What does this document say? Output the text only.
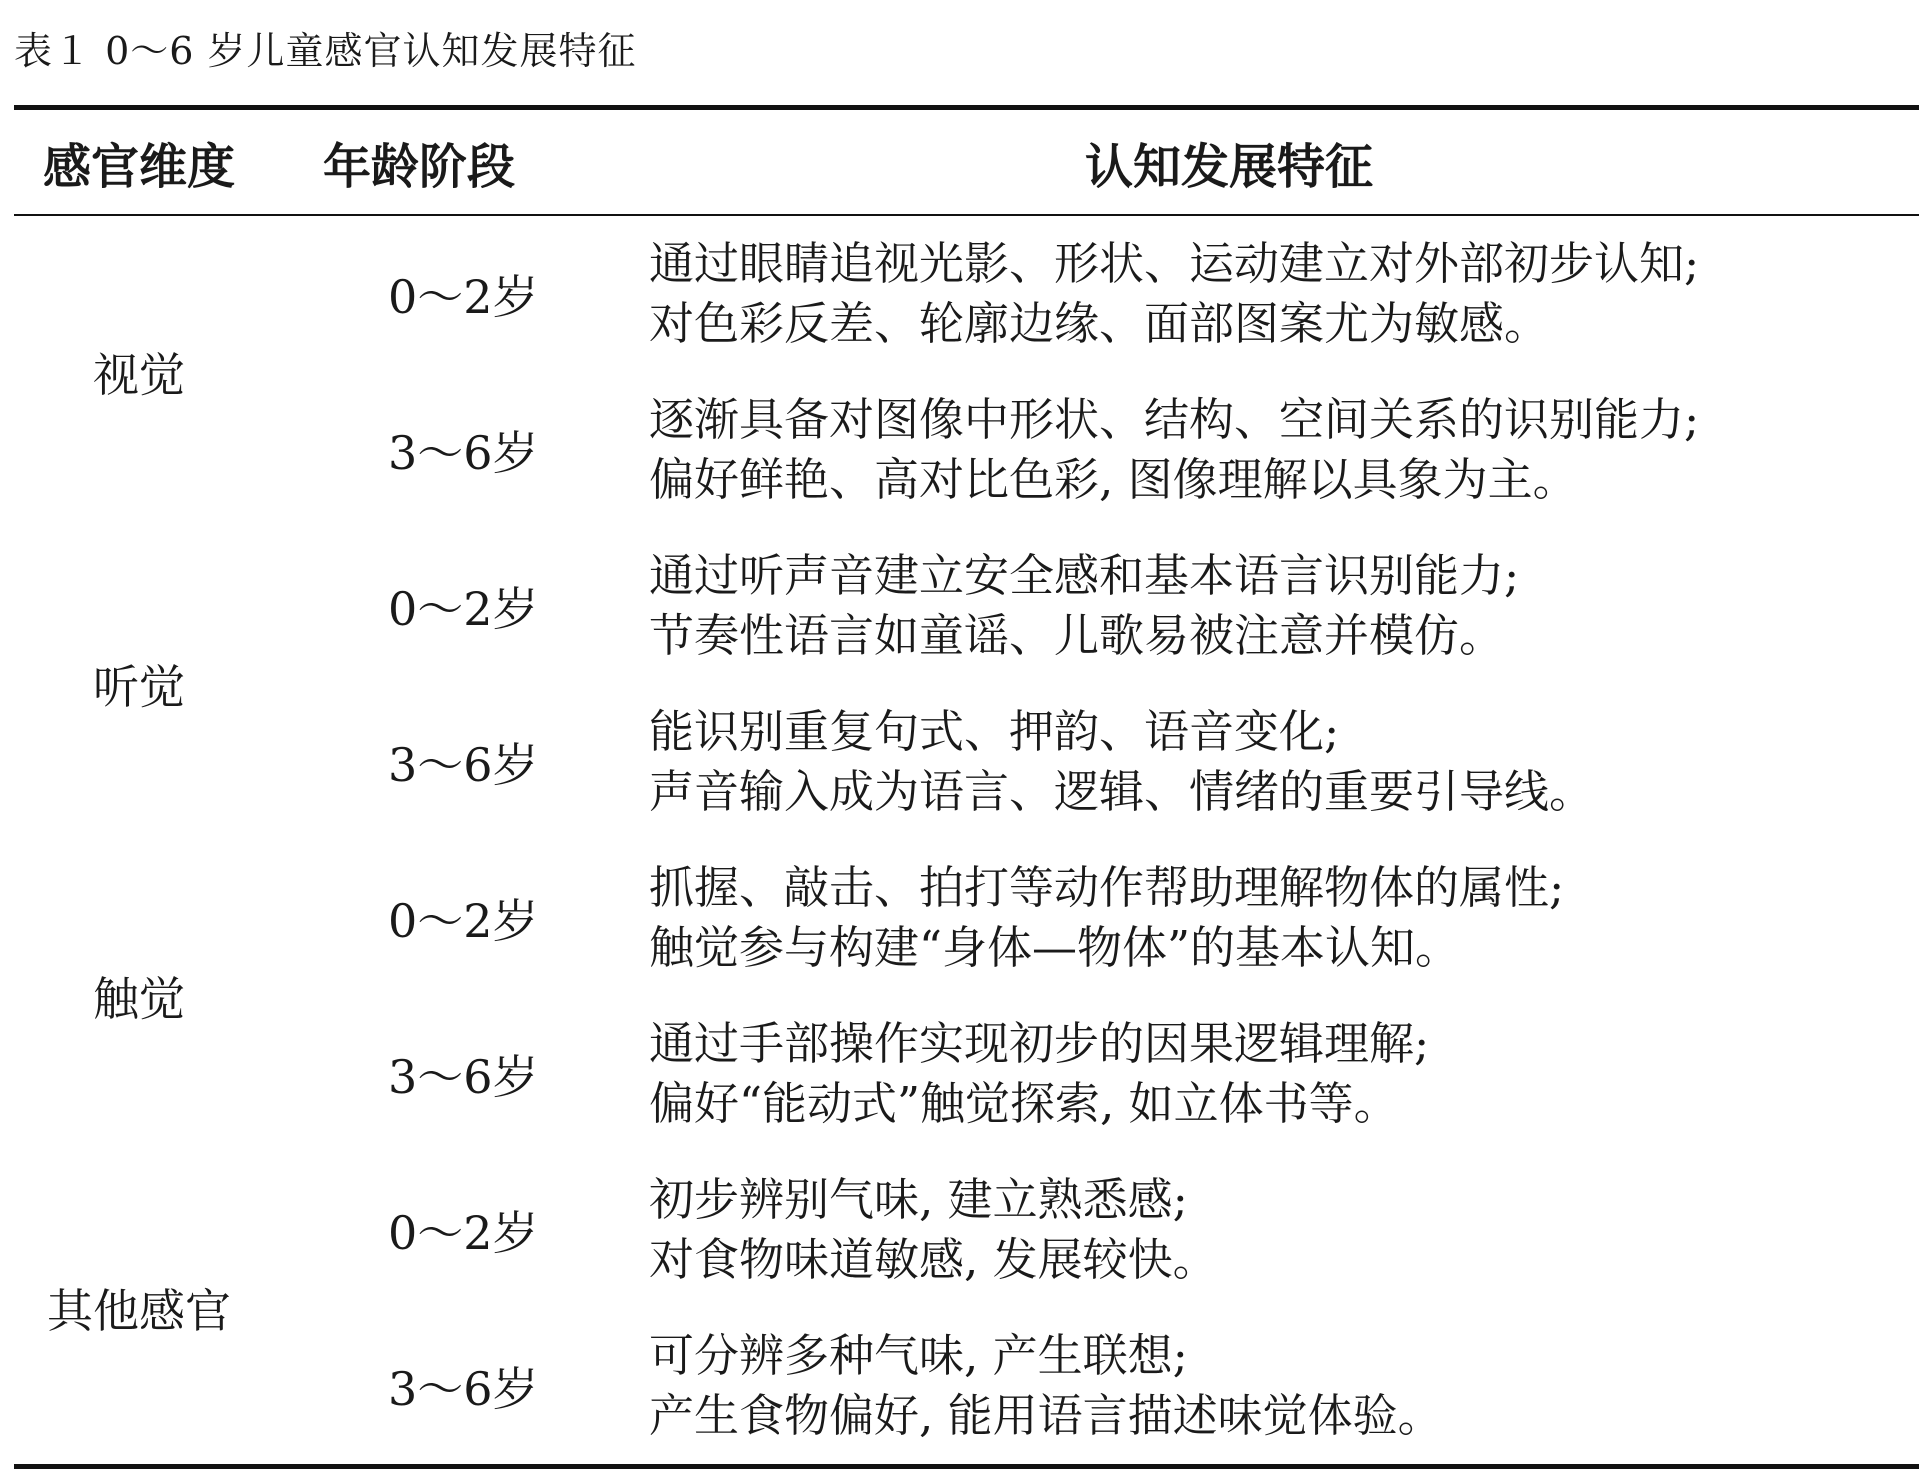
表１ 0～6 岁儿童感官认知发展特征
感官维度	年龄阶段	认知发展特征
视觉	0～2岁	通过眼睛追视光影、形状、运动建立对外部初步认知;
对色彩反差、轮廓边缘、面部图案尤为敏感。

	3～6岁	逐渐具备对图像中形状、结构、空间关系的识别能力;
偏好鲜艳、高对比色彩, 图像理解以具象为主。

听觉	0～2岁	通过听声音建立安全感和基本语言识别能力;
节奏性语言如童谣、儿歌易被注意并模仿。

	3～6岁	能识别重复句式、押韵、语音变化;
声音输入成为语言、逻辑、情绪的重要引导线。

触觉	0～2岁	抓握、敲击、拍打等动作帮助理解物体的属性;
触觉参与构建“身体—物体”的基本认知。

	3～6岁	通过手部操作实现初步的因果逻辑理解;
偏好“能动式”触觉探索, 如立体书等。

其他感官	0～2岁	初步辨别气味, 建立熟悉感;
对食物味道敏感, 发展较快。

	3～6岁	可分辨多种气味, 产生联想;
产生食物偏好, 能用语言描述味觉体验。
